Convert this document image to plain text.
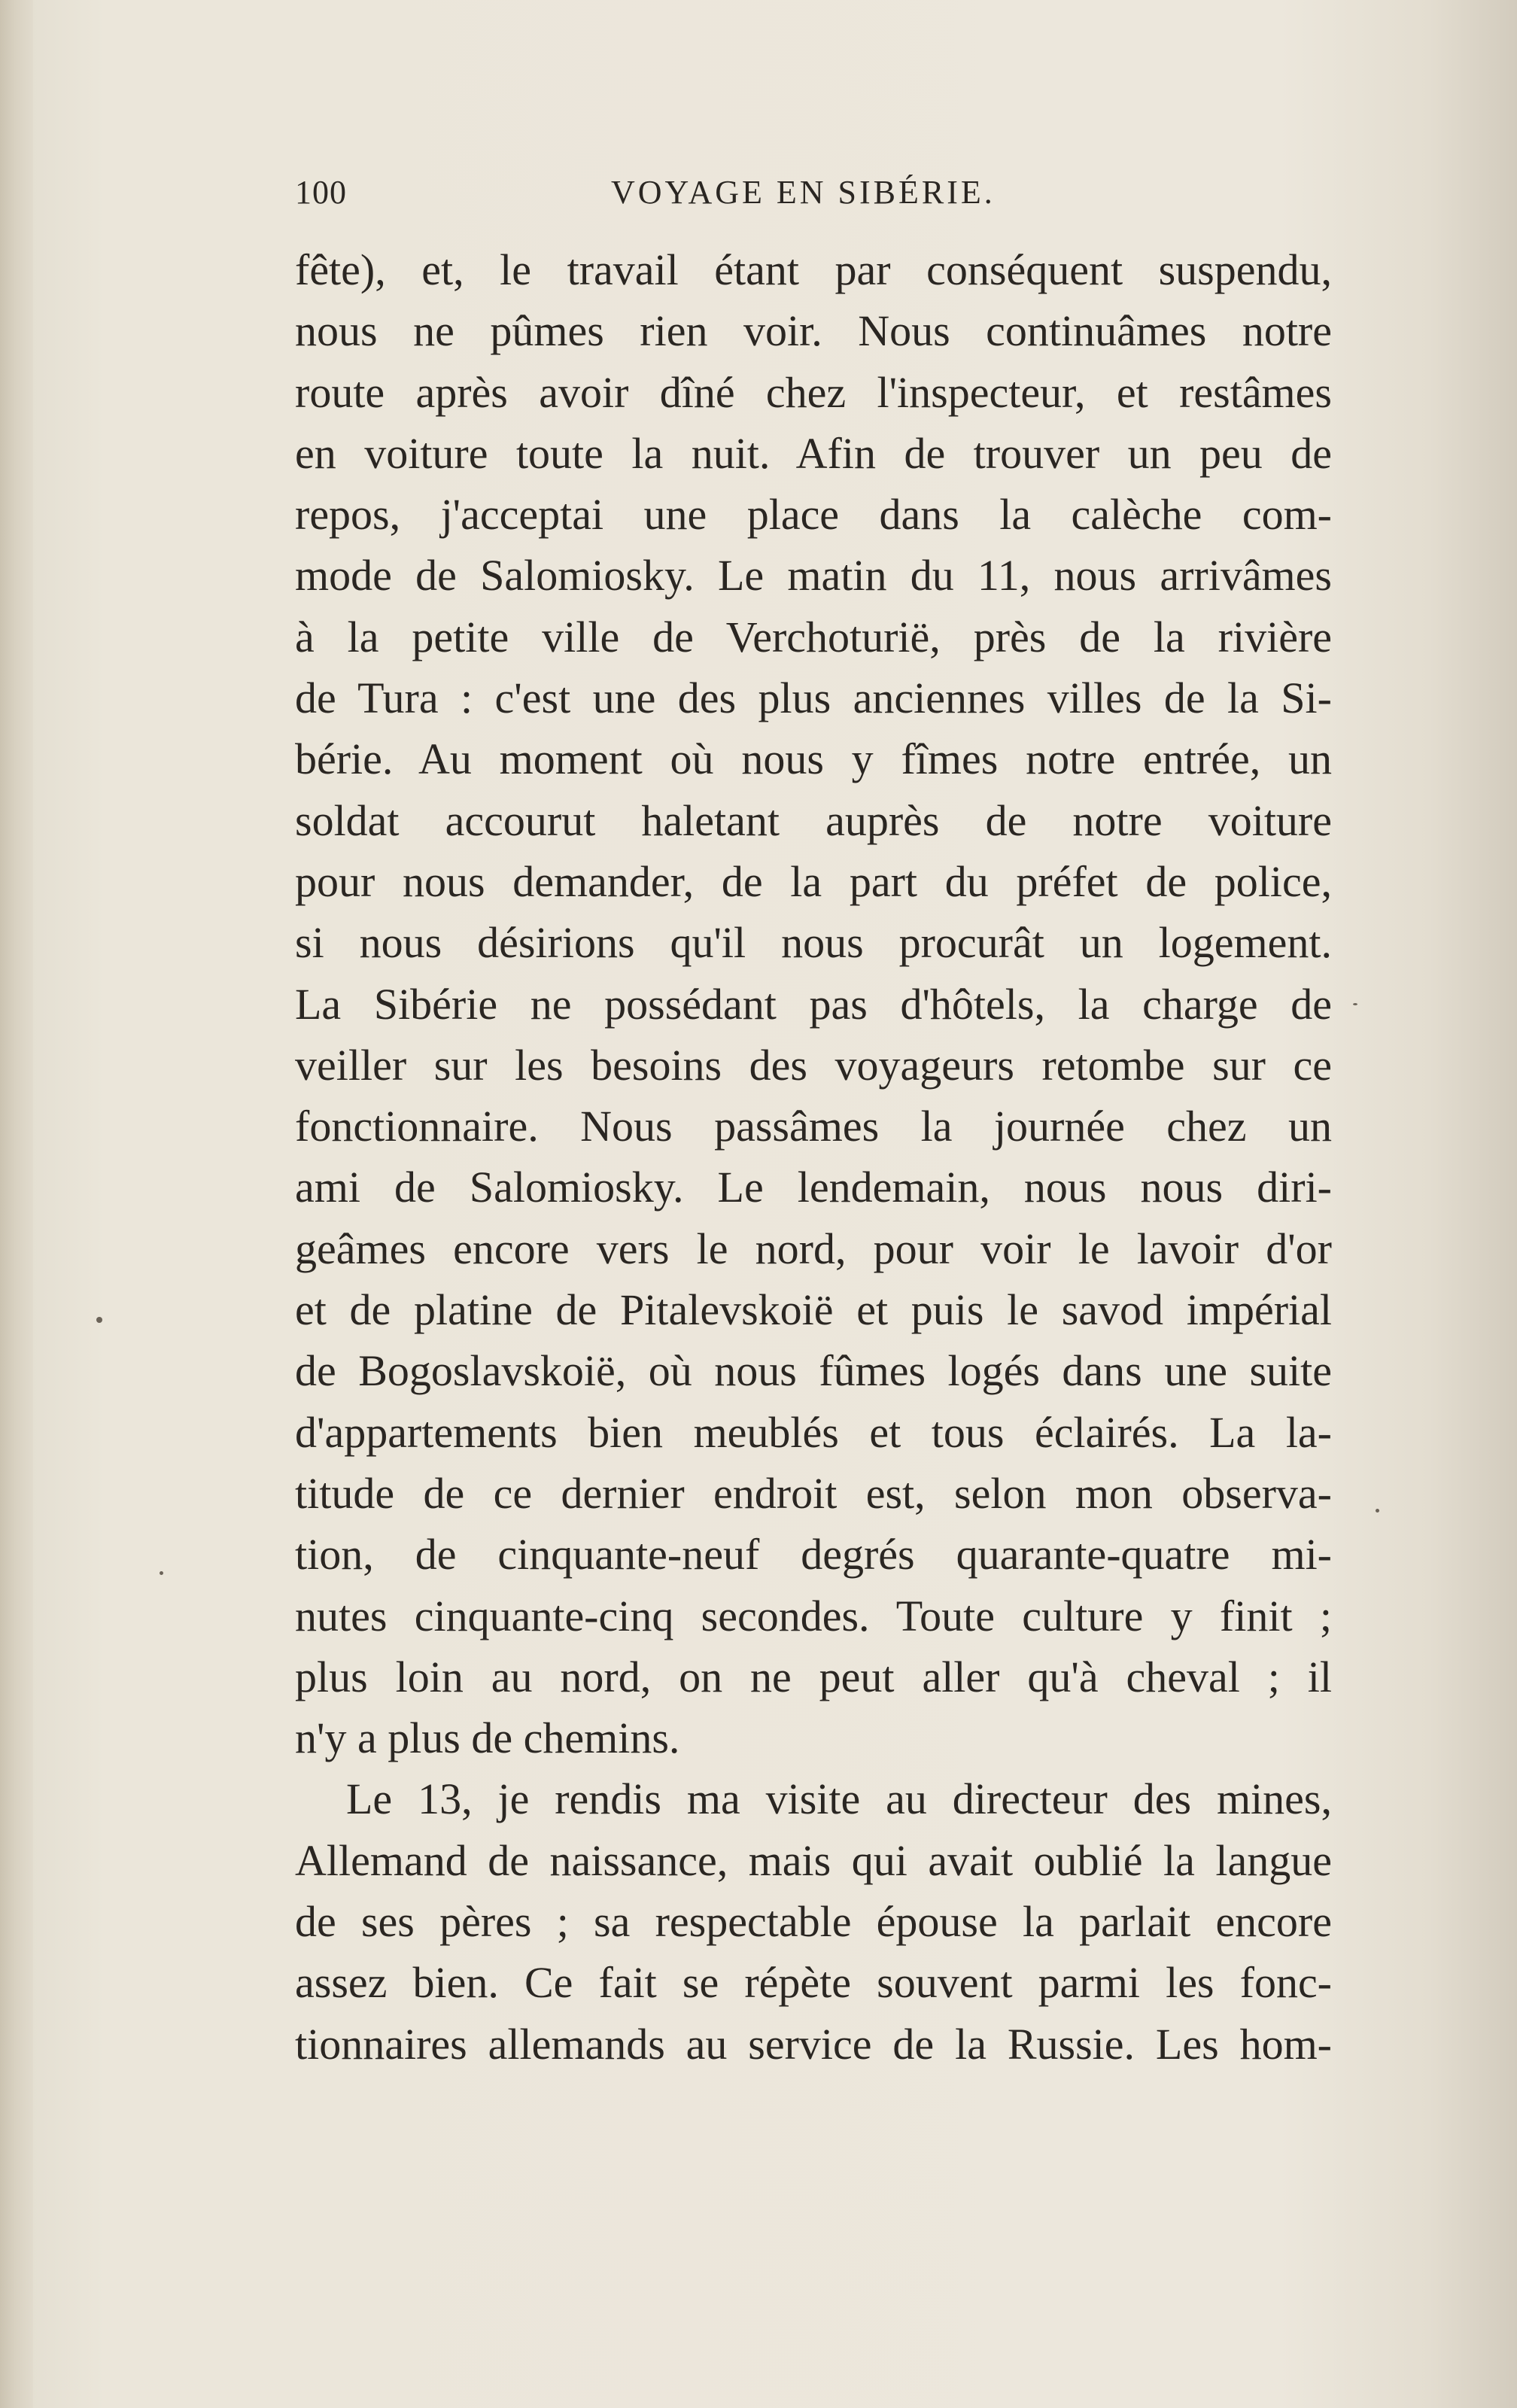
100	VOYAGE EN SIBÉRIE.
fête), et, le travail étant par conséquent suspendu,
nous ne pûmes rien voir. Nous continuâmes notre
route après avoir dîné chez l'inspecteur, et restâmes
en voiture toute la nuit. Afin de trouver un peu de
repos, j'acceptai une place dans la calèche com-
mode de Salomiosky. Le matin du 11, nous arrivâmes
à la petite ville de Verchoturië, près de la rivière
de Tura : c'est une des plus anciennes villes de la Si-
bérie. Au moment où nous y fîmes notre entrée, un
soldat accourut haletant auprès de notre voiture
pour nous demander, de la part du préfet de police,
si nous désirions qu'il nous procurât un logement.
La Sibérie ne possédant pas d'hôtels, la charge de
veiller sur les besoins des voyageurs retombe sur ce
fonctionnaire. Nous passâmes la journée chez un
ami de Salomiosky. Le lendemain, nous nous diri-
geâmes encore vers le nord, pour voir le lavoir d'or
et de platine de Pitalevskoië et puis le savod impérial
de Bogoslavskoië, où nous fûmes logés dans une suite
d'appartements bien meublés et tous éclairés. La la-
titude de ce dernier endroit est, selon mon observa-
tion, de cinquante-neuf degrés quarante-quatre mi-
nutes cinquante-cinq secondes. Toute culture y finit ;
plus loin au nord, on ne peut aller qu'à cheval ; il
n'y a plus de chemins.
Le 13, je rendis ma visite au directeur des mines,
Allemand de naissance, mais qui avait oublié la langue
de ses pères ; sa respectable épouse la parlait encore
assez bien. Ce fait se répète souvent parmi les fonc-
tionnaires allemands au service de la Russie. Les hom-
